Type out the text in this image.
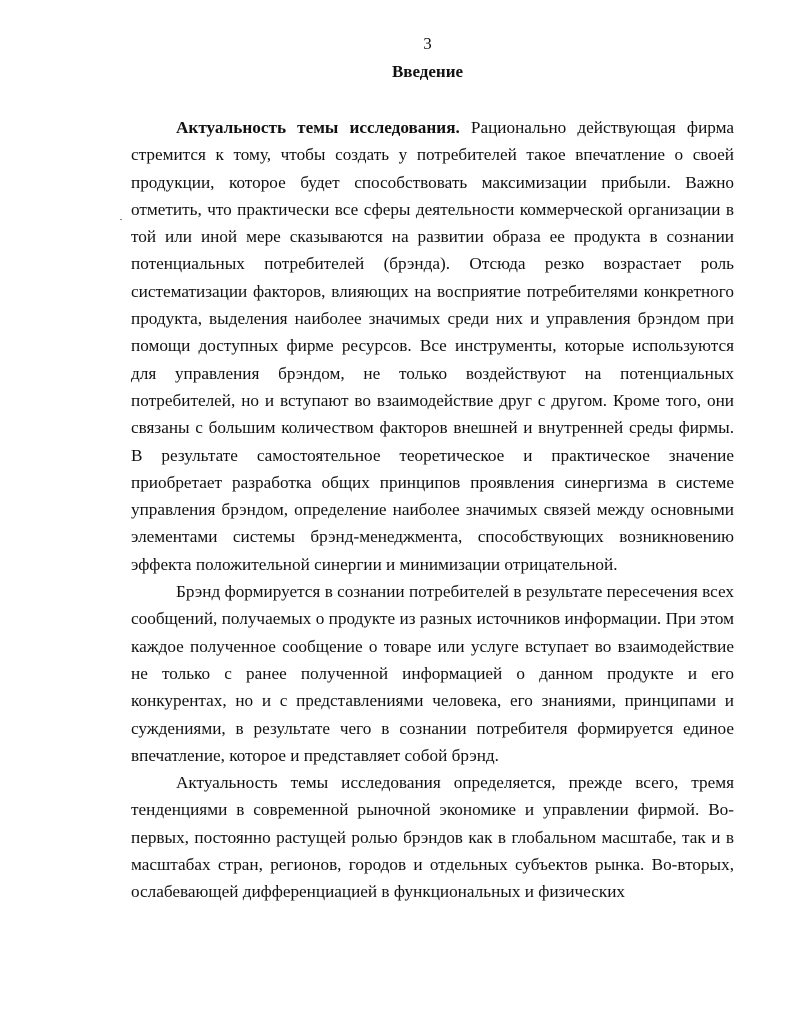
3
Введение

Актуальность темы исследования. Рационально действующая фирма стремится к тому, чтобы создать у потребителей такое впечатление о своей продукции, которое будет способствовать максимизации прибыли. Важно отметить, что практически все сферы деятельности коммерческой организации в той или иной мере сказываются на развитии образа ее продукта в сознании потенциальных потребителей (брэнда). Отсюда резко возрастает роль систематизации факторов, влияющих на восприятие потребителями конкретного продукта, выделения наиболее значимых среди них и управления брэндом при помощи доступных фирме ресурсов. Все инструменты, которые используются для управления брэндом, не только воздействуют на потенциальных потребителей, но и вступают во взаимодействие друг с другом. Кроме того, они связаны с большим количеством факторов внешней и внутренней среды фирмы. В результате самостоятельное теоретическое и практическое значение приобретает разработка общих принципов проявления синергизма в системе управления брэндом, определение наиболее значимых связей между основными элементами системы брэнд-менеджмента, способствующих возникновению эффекта положительной синергии и минимизации отрицательной.

Брэнд формируется в сознании потребителей в результате пересечения всех сообщений, получаемых о продукте из разных источников информации. При этом каждое полученное сообщение о товаре или услуге вступает во взаимодействие не только с ранее полученной информацией о данном продукте и его конкурентах, но и с представлениями человека, его знаниями, принципами и суждениями, в результате чего в сознании потребителя формируется единое впечатление, которое и представляет собой брэнд.

Актуальность темы исследования определяется, прежде всего, тремя тенденциями в современной рыночной экономике и управлении фирмой. Во-первых, постоянно растущей ролью брэндов как в глобальном масштабе, так и в масштабах стран, регионов, городов и отдельных субъектов рынка. Во-вторых, ослабевающей дифференциацией в функциональных и физических
